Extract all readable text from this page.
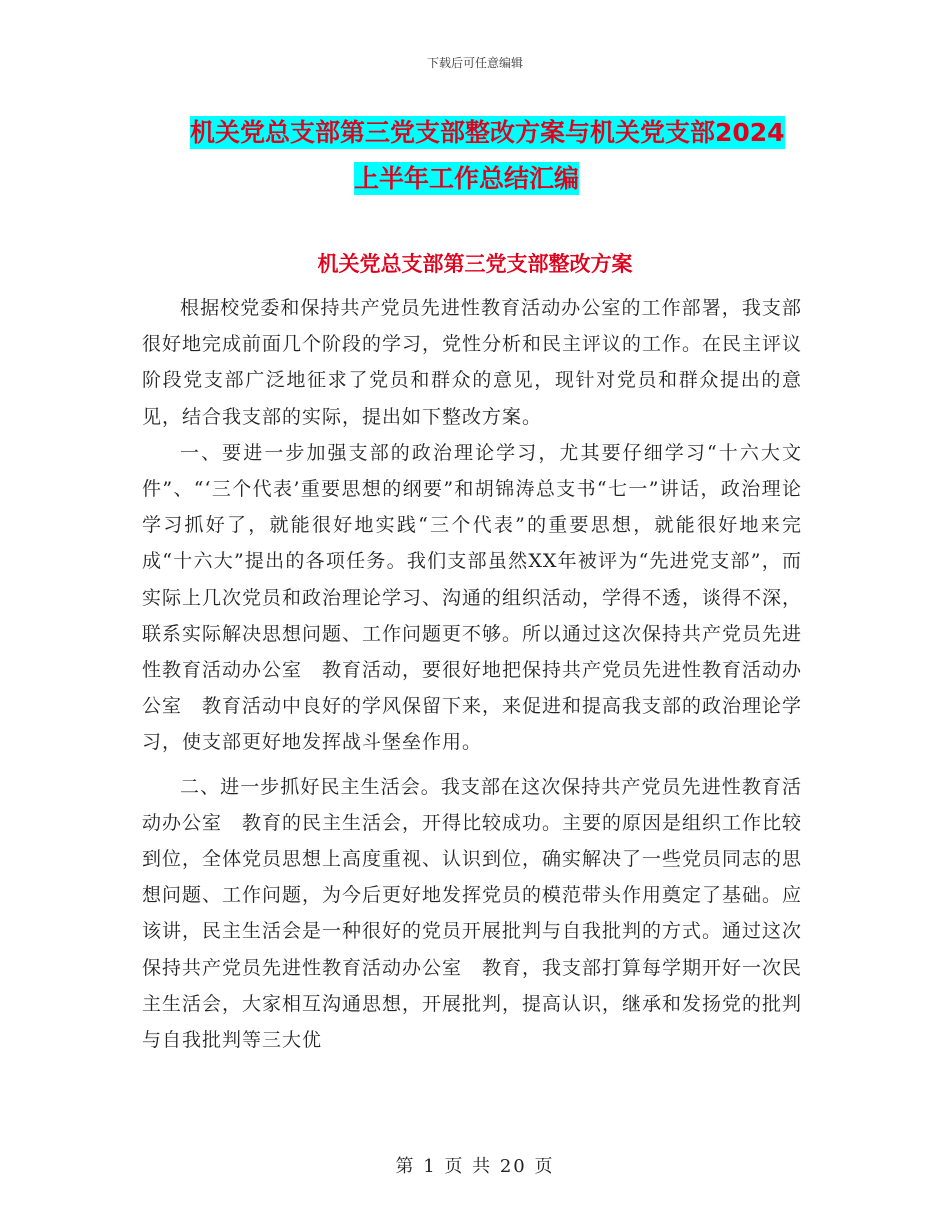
下载后可任意编辑
机关党总支部第三党支部整改方案与机关党支部2024
上半年工作总结汇编
机关党总支部第三党支部整改方案

根据校党委和保持共产党员先进性教育活动办公室的工作部署，我支部很好地完成前面几个阶段的学习，党性分析和民主评议的工作。在民主评议阶段党支部广泛地征求了党员和群众的意见，现针对党员和群众提出的意见，结合我支部的实际，提出如下整改方案。

一、要进一步加强支部的政治理论学习，尤其要仔细学习“十六大文件”、“‘三个代表’重要思想的纲要”和胡锦涛总支书“七一”讲话，政治理论学习抓好了，就能很好地实践“三个代表”的重要思想，就能很好地来完成“十六大”提出的各项任务。我们支部虽然XX年被评为“先进党支部”，而实际上几次党员和政治理论学习、沟通的组织活动，学得不透，谈得不深，联系实际解决思想问题、工作问题更不够。所以通过这次保持共产党员先进性教育活动办公室　教育活动，要很好地把保持共产党员先进性教育活动办公室　教育活动中良好的学风保留下来，来促进和提高我支部的政治理论学习，使支部更好地发挥战斗堡垒作用。

二、进一步抓好民主生活会。我支部在这次保持共产党员先进性教育活动办公室　教育的民主生活会，开得比较成功。主要的原因是组织工作比较到位，全体党员思想上高度重视、认识到位，确实解决了一些党员同志的思想问题、工作问题，为今后更好地发挥党员的模范带头作用奠定了基础。应该讲，民主生活会是一种很好的党员开展批判与自我批判的方式。通过这次保持共产党员先进性教育活动办公室　教育，我支部打算每学期开好一次民主生活会，大家相互沟通思想，开展批判，提高认识，继承和发扬党的批判与自我批判等三大优

第 1 页 共 20 页
